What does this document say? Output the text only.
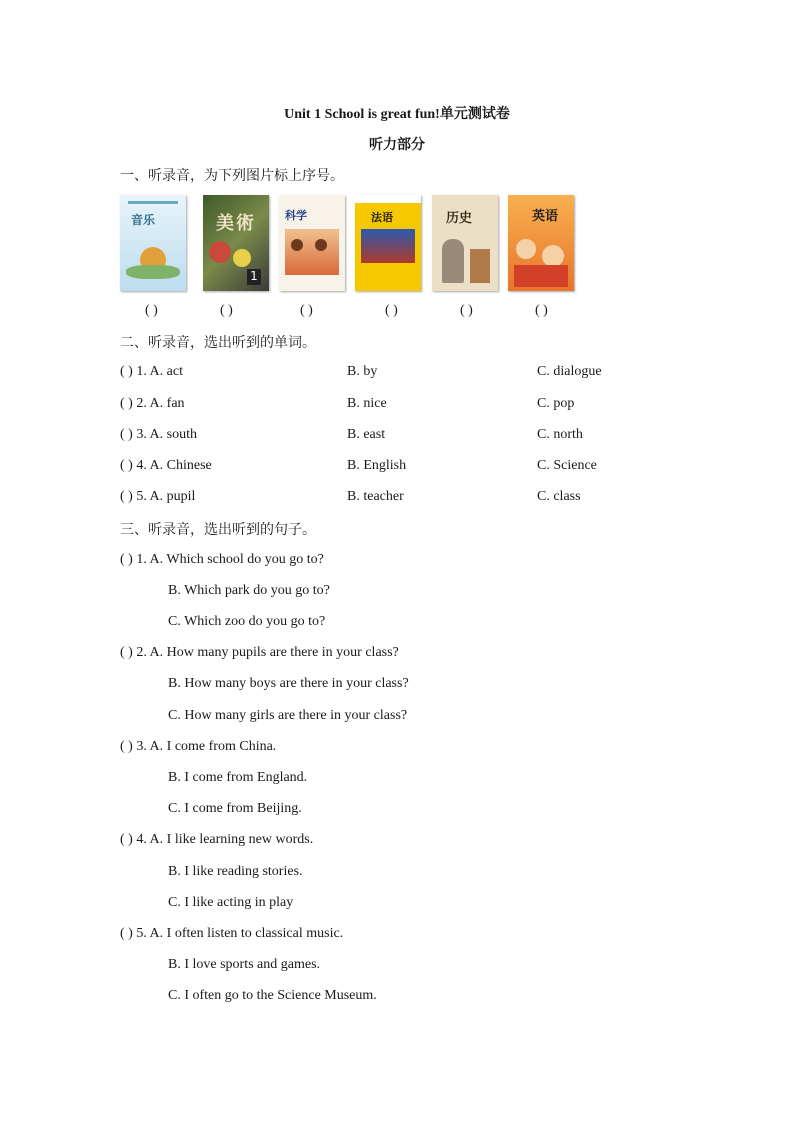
Unit 1 School is great fun!单元测试卷
听力部分
一、听录音，为下列图片标上序号。
音乐	美術
1
科学	法语	历史	英语
( )	( )	( )	( )	( )	( )
二、听录音，选出听到的单词。
( ) 1. A. act	B. by	C. dialogue
( ) 2. A. fan	B. nice	C. pop
( ) 3. A. south	B. east	C. north
( ) 4. A. Chinese	B. English	C. Science
( ) 5. A. pupil	B. teacher	C. class
三、听录音，选出听到的句子。
( ) 1. A. Which school do you go to?
B. Which park do you go to?
C. Which zoo do you go to?
( ) 2. A. How many pupils are there in your class?
B. How many boys are there in your class?
C. How many girls are there in your class?
( ) 3. A. I come from China.
B. I come from England.
C. I come from Beijing.
( ) 4. A. I like learning new words.
B. I like reading stories.
C. I like acting in play
( ) 5. A. I often listen to classical music.
B. I love sports and games.
C. I often go to the Science Museum.
